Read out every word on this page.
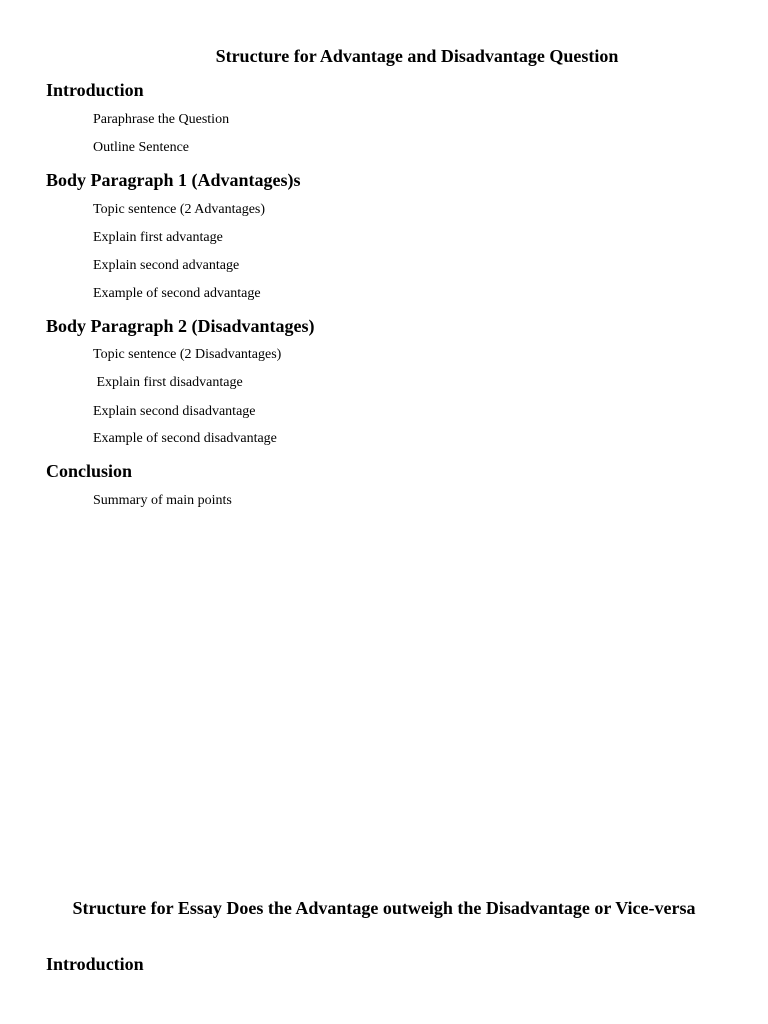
Structure for Advantage and Disadvantage Question
Introduction

Paraphrase the Question

Outline Sentence

Body Paragraph 1 (Advantages)s

Topic sentence (2 Advantages)

Explain first advantage

Explain second advantage

Example of second advantage

Body Paragraph 2 (Disadvantages)

Topic sentence (2 Disadvantages)

Explain first disadvantage

Explain second disadvantage

Example of second disadvantage

Conclusion

Summary of main points

Structure for Essay Does the Advantage outweigh the Disadvantage or Vice-versa
Introduction
